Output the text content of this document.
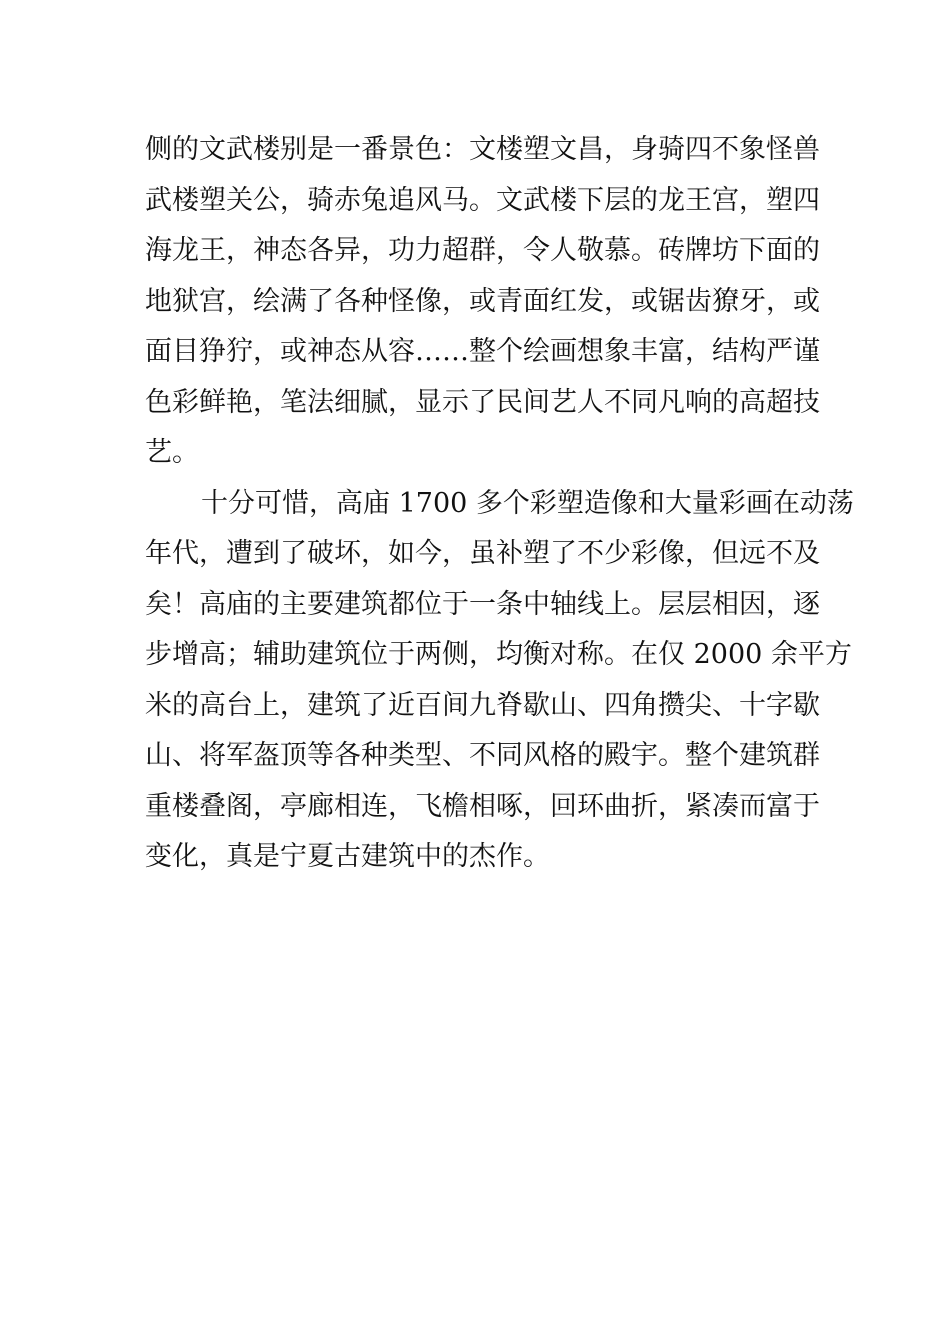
侧的文武楼别是一番景色：文楼塑文昌，身骑四不象怪兽
武楼塑关公，骑赤兔追风马。文武楼下层的龙王宫，塑四
海龙王，神态各异，功力超群，令人敬慕。砖牌坊下面的
地狱宫，绘满了各种怪像，或青面红发，或锯齿獠牙，或
面目狰狞，或神态从容……整个绘画想象丰富，结构严谨
色彩鲜艳，笔法细腻，显示了民间艺人不同凡响的高超技
艺。
十分可惜，高庙 1700 多个彩塑造像和大量彩画在动荡
年代，遭到了破坏，如今，虽补塑了不少彩像，但远不及
矣！高庙的主要建筑都位于一条中轴线上。层层相因，逐
步增高；辅助建筑位于两侧，均衡对称。在仅 2000 余平方
米的高台上，建筑了近百间九脊歇山、四角攒尖、十字歇
山、将军盔顶等各种类型、不同风格的殿宇。整个建筑群
重楼叠阁，亭廊相连，飞檐相啄，回环曲折，紧凑而富于
变化，真是宁夏古建筑中的杰作。
